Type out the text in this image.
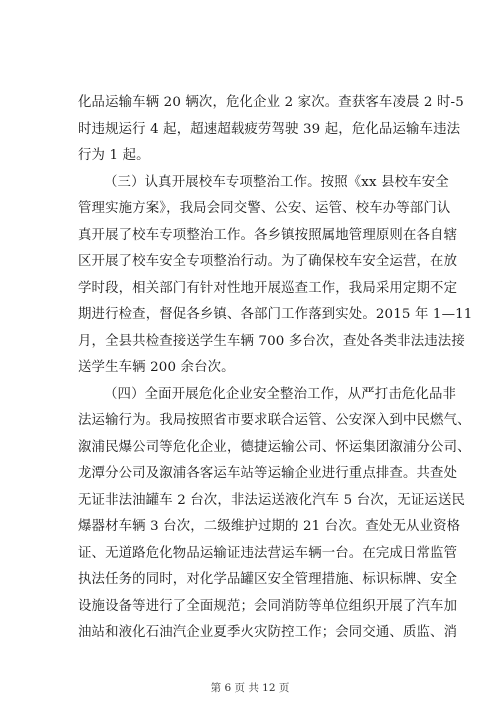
化品运输车辆 20 辆次，危化企业 2 家次。查获客车凌晨 2 时-5
时违规运行 4 起，超速超载疲劳驾驶 39 起，危化品运输车违法
行为 1 起。
（三）认真开展校车专项整治工作。按照《xx 县校车安全
管理实施方案》，我局会同交警、公安、运管、校车办等部门认
真开展了校车专项整治工作。各乡镇按照属地管理原则在各自辖
区开展了校车安全专项整治行动。为了确保校车安全运营，在放
学时段，相关部门有针对性地开展巡查工作，我局采用定期不定
期进行检查，督促各乡镇、各部门工作落到实处。2015 年 1—11
月，全县共检查接送学生车辆 700 多台次，查处各类非法违法接
送学生车辆 200 余台次。
（四）全面开展危化企业安全整治工作，从严打击危化品非
法运输行为。我局按照省市要求联合运管、公安深入到中民燃气、
溆浦民爆公司等危化企业，德捷运输公司、怀运集团溆浦分公司、
龙潭分公司及溆浦各客运车站等运输企业进行重点排查。共查处
无证非法油罐车 2 台次，非法运送液化汽车 5 台次，无证运送民
爆器材车辆 3 台次，二级维护过期的 21 台次。查处无从业资格
证、无道路危化物品运输证违法营运车辆一台。在完成日常监管
执法任务的同时，对化学品罐区安全管理措施、标识标牌、安全
设施设备等进行了全面规范；会同消防等单位组织开展了汽车加
油站和液化石油汽企业夏季火灾防控工作；会同交通、质监、消
第 6 页 共 12 页
